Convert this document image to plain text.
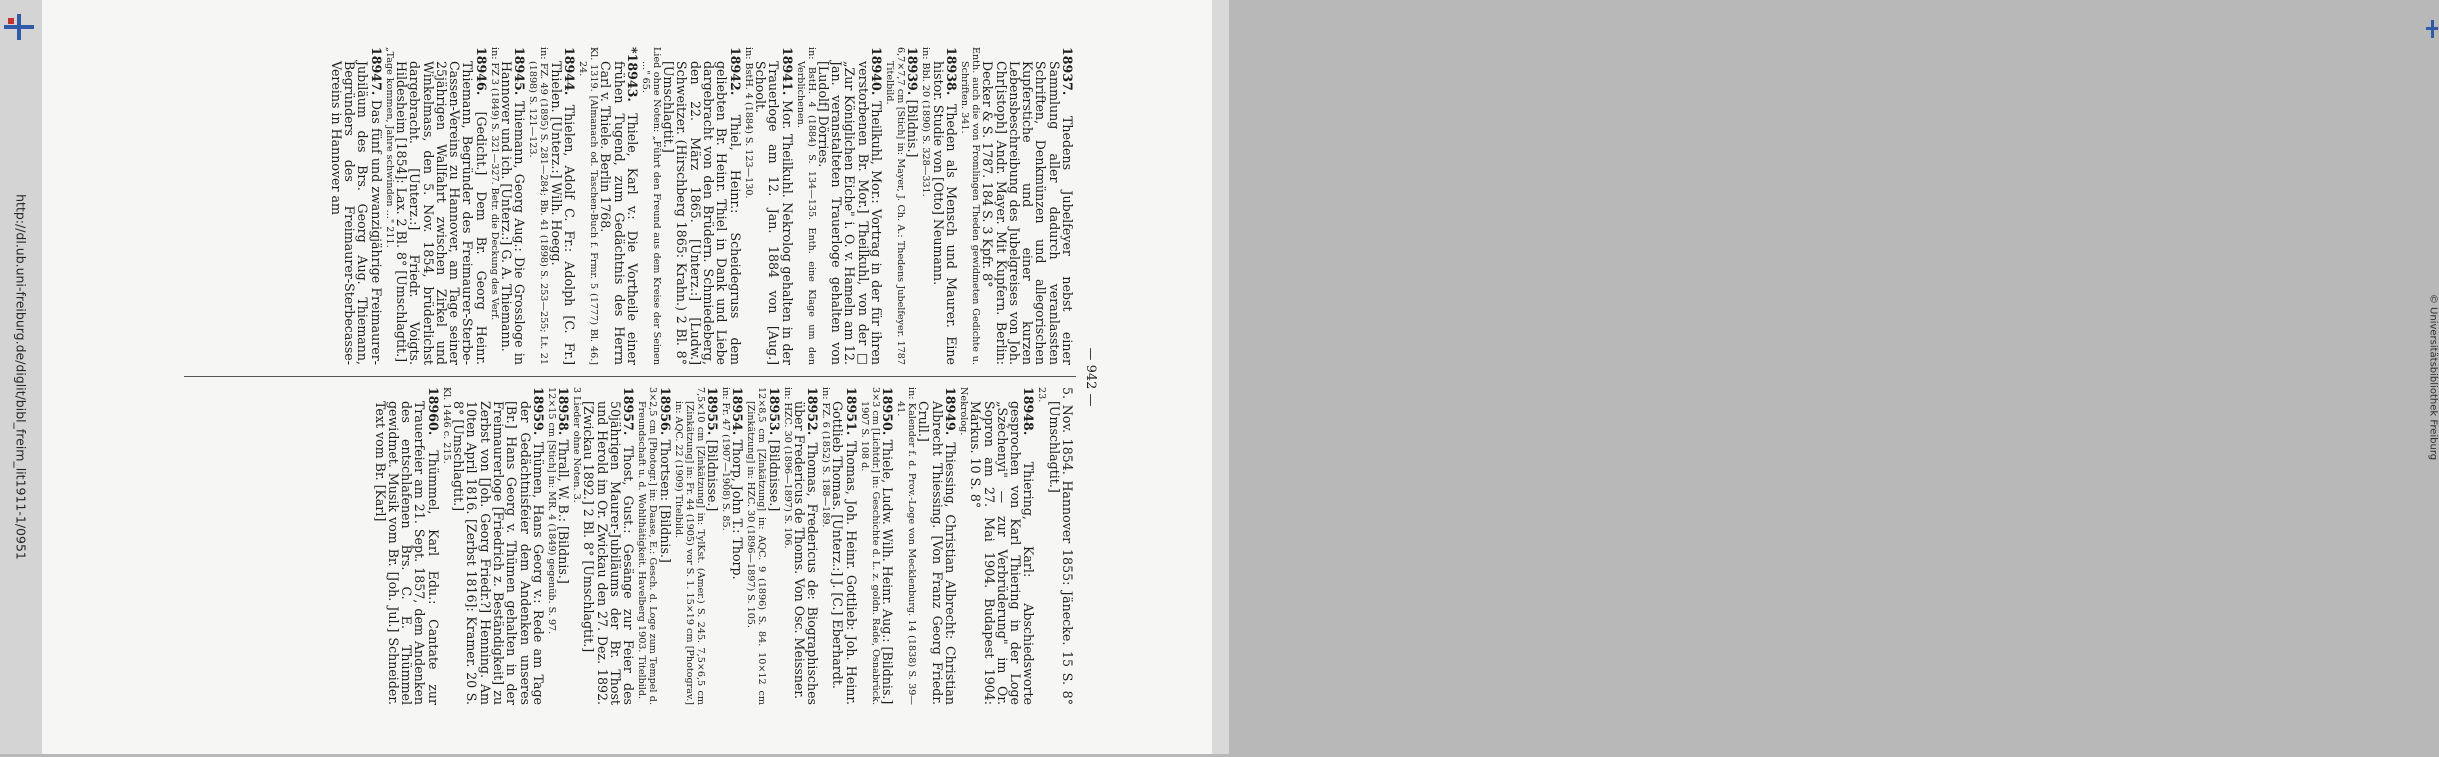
http://dl.ub.uni-freiburg.de/diglit/bibl_freim_lit1911-1/0951	— 942 —
18937. Thedens Jubelfeyer nebst einer Sammlung aller dadurch veranlassten Schriften, Denkmünzen und allegorischen Kupferstiche und einer kurzen Lebensbeschreibung des Jubelgreises von Joh. Chr[istoph] Andr. Mayer. Mit Kupfern. Berlin: Decker & S. 1787. 184 S. 3 Kpfr. 8°
Enth. auch die von Fromlingen Theden gewidmeten Gedichte u. Schriften. 341.
18938. Theden als Mensch und Maurer. Eine histor. Studie von [Otto] Neumann.
in: Bbl. 20 (1890) S. 328—331.
18939. [Bildnis.]
6,7×7,7 cm [Stich] in: Mayer, J. Ch. A.: Thedens Jubelfeyer. 1787 Titelbild.
18940. Theilkuhl, Mor.: Vortrag in der für ihren verstorbenen Br. Mor.] Theilkuhl, von der □ „Zur Königlichen Eiche" i. O. v. Hameln am 12. Jan. veranstalteten Trauerloge gehalten von [Ludolf] Dörries.
in: BstH. 4 (1884) S. 134—135. Enth. eine Klage um den Verblichenen.
18941. Mor. Theilkuhl. Nekrolog gehalten in der Trauerloge am 12. Jan. 1884 von [Aug.] Schoolt.
in: BstH. 4 (1884) S. 123—130.
18942. Thiel, Heinr.: Scheidegruss dem geliebten Br. Heinr. Thiel in Dank und Liebe dargebracht von den Brüdern. Schmiedeberg, den 22. März 1865. [Unterz.:] [Ludw.] Schweitzer. (Hirschberg 1865: Krahn.) 2 Bl. 8° [Umschlagtit.]
Lied ohne Noten: „Führt den Freund aus dem Kreise der Seinen ..." 65.
*18943. Thiele, Karl v.: Die Vortheile einer frühen Tugend, zum Gedächtnis des Herrn Carl v. Thiele. Berlin 1768.
Kl. 1319. [Almanach od. Taschen-Buch f. Frmr. 5 (1777) Bl. 46.] 24.
18944. Thielen, Adolf C. Fr.: Adolph [C. Fr.] Thielen. [Unterz.:] Wilh. Hoegg.
in: FZ. 49 (1895) S. 281—284; Bb. 41 (1898) S. 253—255; Lt. 21 (1898) S. 121—123.
18945. Thiemann, Georg Aug.: Die Grossloge in Hannover und ich. [Unterz.:] G. A. Thiemann.
in: FZ 3 (1849) S. 321—327. Betr. die Deckung des Verf.
18946. [Gedicht.] Dem Br. Georg Heinr. Thiemann, Begründer des Freimaurer-Sterbe-Cassen-Vereins zu Hannover, am Tage seiner 25jährigen Wallfahrt zwischen Zirkel und Winkelmass, den 5. Nov. 1854, brüderlichst dargebracht. [Unterz.:] Friedr. Voigts. Hildesheim [1854]: Lax. 2 Bl. 8° [Umschlagtit.]
„Tage kommen, Jahre schwinden ..." 211.
18947. Das fünf und zwanzigjährige Freimaurer-Jubiläum des Brs. Georg Aug. Thiemann, Begründers des Freimaurer-Sterbecasse-Vereins in Hannover am
5. Nov. 1854. Hannover 1855: Jänecke. 15 S. 8° [Umschlagtit.]
23.
18948. Thiering, Karl: Abschiedsworte gesprochen von Karl Thiering in der Loge „Széchenyi" — zur Verbrüderung" im Or. Sopron am 27. Mai 1904. Budapest 1904: Márkus. 10 S. 8°
Nekrolog.
18949. Thiessing, Christian Albrecht: Christian Albrecht Thiessing. [Von Franz Georg Friedr. Crull.]
in: Kalender f. d. Prov.-Loge von Mecklenburg. 14 (1838) S. 39—41.
18950. Thiele, Ludw. Wilh. Heinr. Aug.: [Bildnis.]
3×3 cm [Lichtdr.] in: Geschichte d. L. z. goldn. Rade, Osnabrück. 1907 S. 108 d.
18951. Thomas, Joh. Heinr. Gottlieb: Joh. Heinr. Gottlieb Thomas. [Unterz.:] J. [C.] Eberhardt.
in: FZ. 6 (1852) S. 188—189.
18952. Thomas, Fredericus de: Biographisches über Fredericus de Thoms. Von Osc. Meissner.
in: HZC. 30 (1896—1897) S. 106.
18953. [Bildnisse.]
12×8,5 cm [Zinkätzung] in: AQC. 9 (1896) S. 84. 10×12 cm [Zinkätzung] in: HZC. 30 (1896—1897) S. 105.
18954. Thorp, John T.: Thorp.
in: Fr. 47 (1907—1908) S. 85.
18955. [Bildnisse.]
7,5×10 cm [Zinkätzung] in: TylKst. (Amer.) S. 245. 7,5×6,5 cm [Zinkätzung] in: Fr. 44 (1905) vor S. 1. 15×19 cm [Photograv.] in: AQC. 22 (1909) Titelbild.
18956. Thortsen: [Bildnis.]
3×2,5 cm [Photogr.] in: Daase, E.: Gesch. d. Loge zum Tempel d. Freundschaft u. d. Wohlthätigkeit. Havelberg 1903. Titelbild.
18957. Thost, Gust.: Gesänge zur Feier des 50jährigen Maurer-Jubiläums der Br. Thost und Herold im Or. Zwickau den 27. Dez. 1892. [Zwickau 1892.] 2 Bl. 8° [Umschlagtit.]
3 Lieder ohne Noten. 3.
18958. Thrall, W. B.: [Bildnis.]
12×15 cm [Stich] in: MR. 4 (1849) gegenüb. S. 97.
18959. Thümen, Hans Georg v.: Rede am Tage der Gedächtnisfeier dem Andenken unseres [Br.] Hans Georg v. Thümen gehalten in der Freimaurerloge [Friedrich z. Beständigkeit] zu Zerbst von [Joh. Georg Friedr.?] Henning. Am 10ten April 1816. [Zerbst 1816]: Kramer. 20 S. 8° [Umschlagtit.]
Kl. 1446 c. 215.
18960. Thümmel, Karl Edu.: Cantate zur Trauerfeier am 21. Sept. 1857, dem Andenken des entschlafenen Brs. C. E. Thümmel gewidmet. Musik vom Br. [Joh. Jul.] Schneider. Text vom Br. [Karl]
© Universitätsbibliothek Freiburg
